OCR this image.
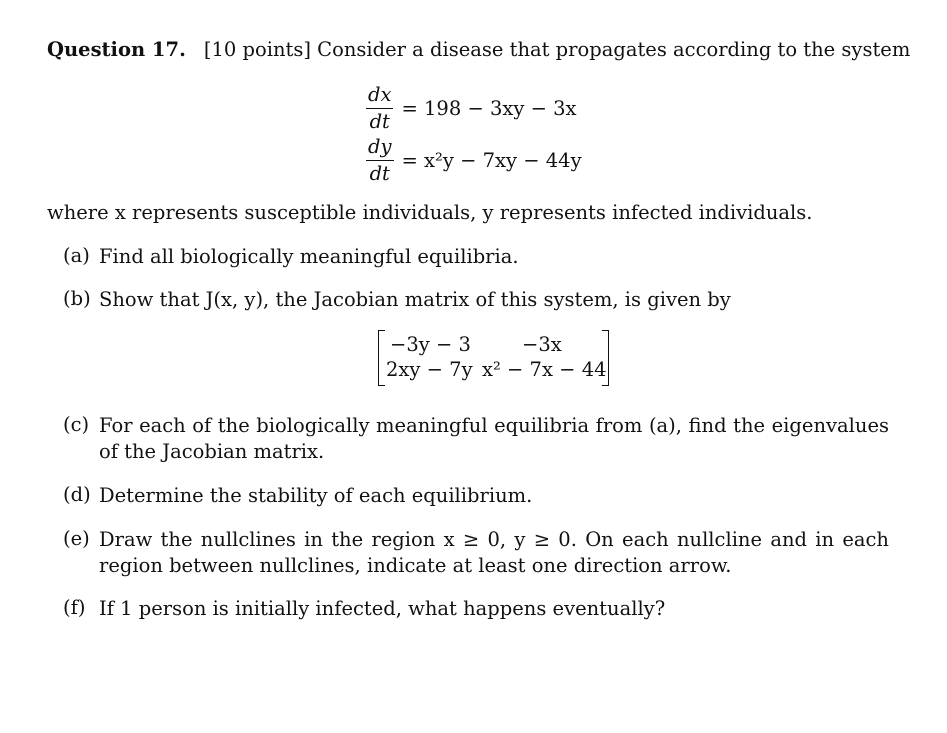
Question 17. [10 points] Consider a disease that propagates according to the system
$\frac{dx}{dt} = 198 - 3xy - 3x$
$\frac{dy}{dt} = x^2y - 7xy - 44y$
where x represents susceptible individuals, y represents infected individuals.
(a) Find all biologically meaningful equilibria.
(b) Show that J(x, y), the Jacobian matrix of this system, is given by
−3y − 3	−3x
2xy − 7y x² − 7x − 44
(c) For each of the biologically meaningful equilibria from (a), find the eigenvalues of the Jacobian matrix.
(d) Determine the stability of each equilibrium.
(e) Draw the nullclines in the region x ≥ 0, y ≥ 0. On each nullcline and in each region between nullclines, indicate at least one direction arrow.
(f) If 1 person is initially infected, what happens eventually?
